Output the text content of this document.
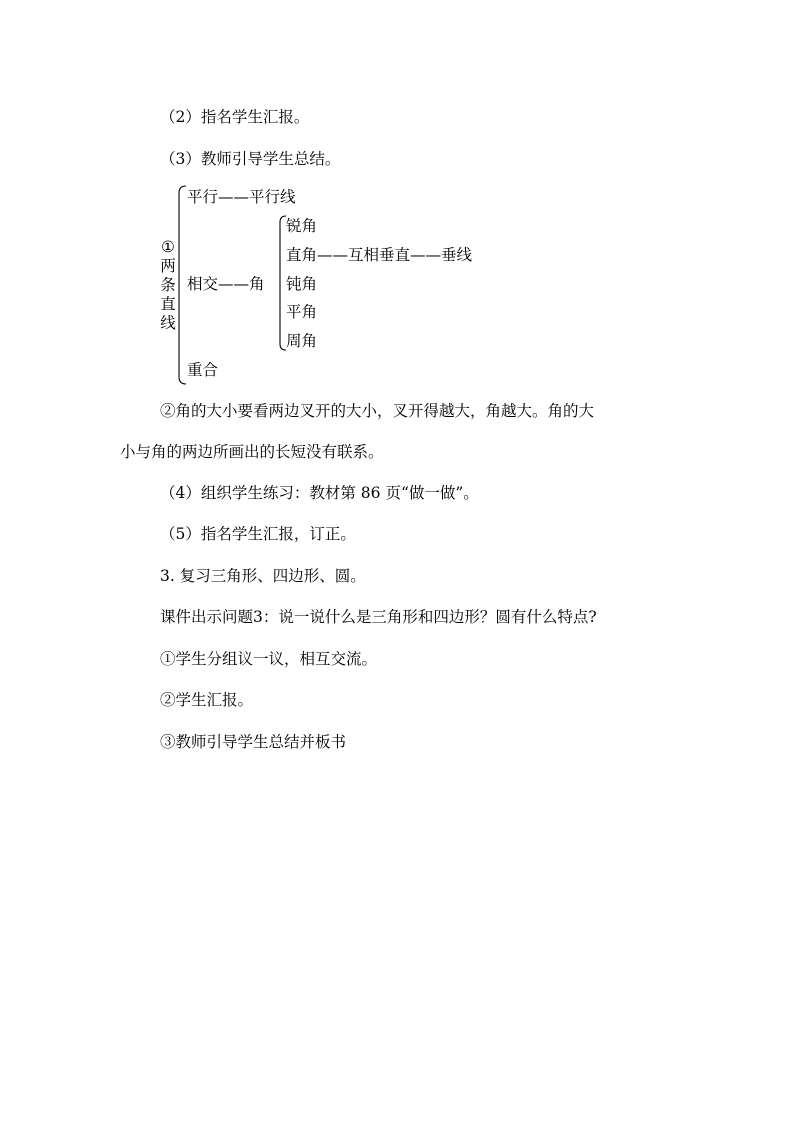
（2）指名学生汇报。
（3）教师引导学生总结。
①
两
条
直
线
平行——平行线
相交——角
重合
锐角
直角——互相垂直——垂线
钝角
平角
周角
②角的大小要看两边叉开的大小，叉开得越大，角越大。角的大
小与角的两边所画出的长短没有联系。
（4）组织学生练习：教材第 86 页“做一做”。
（5）指名学生汇报，订正。
3. 复习三角形、四边形、圆。
课件出示问题3：说一说什么是三角形和四边形？圆有什么特点?
①学生分组议一议，相互交流。
②学生汇报。
③教师引导学生总结并板书
